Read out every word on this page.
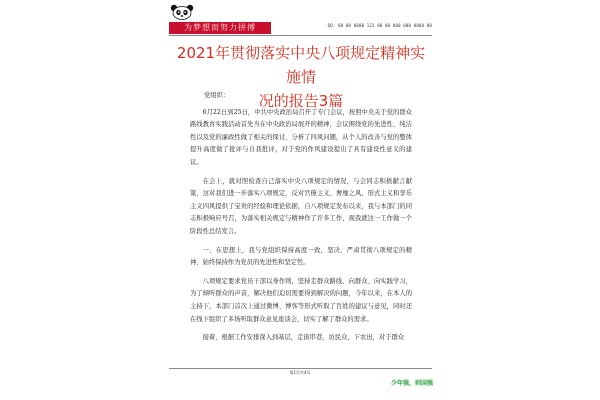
为梦想而努力拼搏	QQ: 00 00 0000 123 00 00 000 000 0000 00
2021年贯彻落实中央八项规定精神实施情
况的报告3篇

党组织：

6月22日到25日，中共中央政治局召开了专门会议，按照中央关于党的群众路线教育实践活动首先当在中央政治局展开的精神，会议围绕党的先进性、纯洁性以及党的廉政性做了相关的探讨，分析了四风问题，从个人的改善与党的整体提升高度做了批评与自我批评，对于党的作风建设提出了具有建设性意义的建议。

在会上，就对照检查自己落实中央八项规定的情况，与会同志积极献言献策，这对我们进一步落实八项规定，反对官僚主义、奢靡之风、形式主义和享乐主义四风提供了宝贵的经验和理论依据，自八项规定发布以来，我与本部门的同志积极响应号召，为落实相关规定与精神作了许多工作，现我就这一工作做一个阶段性总结发言。

一、在思想上，我与党组织保持高度一致，坚决、严肃贯彻八项规定的精神，始终保持作为党员的先进性和坚定性。

八项规定要求党员干部以身作则，坚持走群众路线、向群众、向实践学习，为了倾听群众的声音，解决他们迫切需要得到解决的问题，今年以来，在本人的主持下，本部门首次上通过微博、博客等形式听取了百姓的建议与意见，同时还在线下组织了多场听取群众意见座谈会，切实了解了群众的需求。

接着，根据工作安排深入到基层，走街串巷，访民众，下农田，对于群众

第1页共4页
少年强，则国强
